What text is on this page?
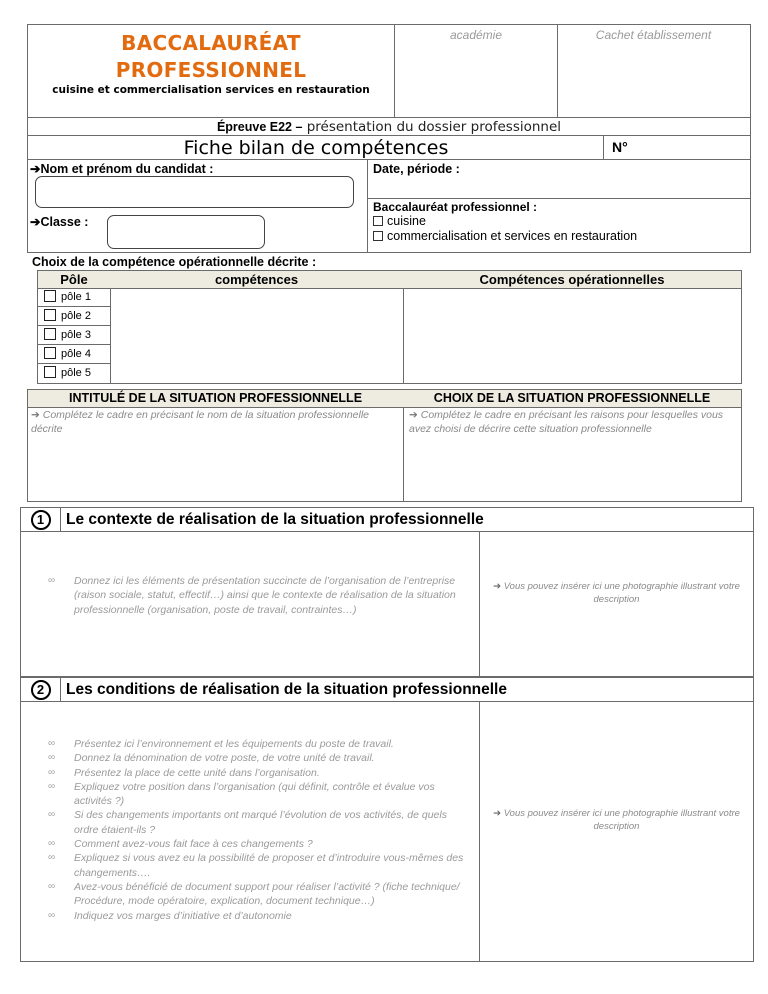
BACCALAURÉAT
PROFESSIONNEL
cuisine et commercialisation services en restauration
académie	Cachet établissement
Épreuve E22 – présentation du dossier professionnel
Fiche bilan de compétences	N°
➔Nom et prénom du candidat :
➔Classe :
Date, période :
Baccalauréat professionnel :
cuisine
commercialisation et services en restauration
Choix de la compétence opérationnelle décrite :
Pôle	compétences	Compétences opérationnelles
pôle 1
pôle 2
pôle 3
pôle 4
pôle 5
INTITULÉ DE LA SITUATION PROFESSIONNELLE	CHOIX DE LA SITUATION PROFESSIONNELLE
➔ Complétez le cadre en précisant le nom de la situation professionnelle décrite
➔ Complétez le cadre en précisant les raisons pour lesquelles vous avez choisi de décrire cette situation professionnelle
1	Le contexte de réalisation de la situation professionnelle
∞ Donnez ici les éléments de présentation succincte de l’organisation de l’entreprise (raison sociale, statut, effectif…) ainsi que le contexte de réalisation de la situation professionnelle (organisation, poste de travail, contraintes…)
➔ Vous pouvez insérer ici une photographie illustrant votre description
2	Les conditions de réalisation de la situation professionnelle
∞ Présentez ici l’environnement et les équipements du poste de travail.
∞ Donnez la dénomination de votre poste, de votre unité de travail.
∞ Présentez la place de cette unité dans l’organisation.
∞ Expliquez votre position dans l’organisation (qui définit, contrôle et évalue vos activités ?)
∞ Si des changements importants ont marqué l’évolution de vos activités, de quels ordre étaient-ils ?
∞ Comment avez-vous fait face à ces changements ?
∞ Expliquez si vous avez eu la possibilité de proposer et d’introduire vous-mêmes des changements….
∞ Avez-vous bénéficié de document support pour réaliser l’activité ? (fiche technique/ Procédure, mode opératoire, explication, document technique…)
∞ Indiquez vos marges d’initiative et d’autonomie
➔ Vous pouvez insérer ici une photographie illustrant votre description
